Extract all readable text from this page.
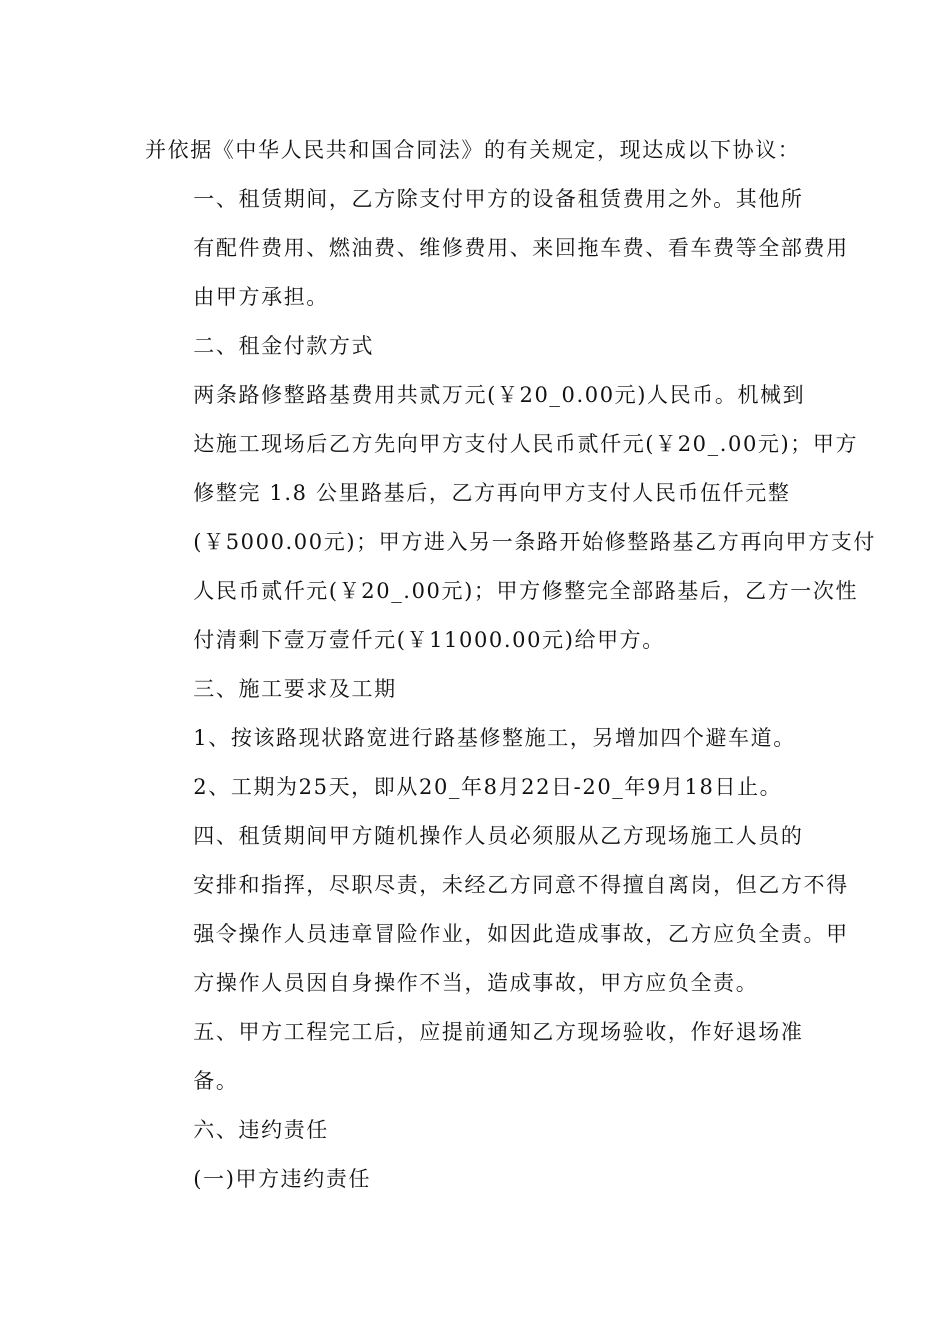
并依据《中华人民共和国合同法》的有关规定，现达成以下协议：

一、租赁期间，乙方除支付甲方的设备租赁费用之外。其他所
有配件费用、燃油费、维修费用、来回拖车费、看车费等全部费用
由甲方承担。

二、租金付款方式

两条路修整路基费用共贰万元(￥20_0.00元)人民币。机械到
达施工现场后乙方先向甲方支付人民币贰仟元(￥20_.00元)；甲方
修整完 1.8 公里路基后，乙方再向甲方支付人民币伍仟元整
(￥5000.00元)；甲方进入另一条路开始修整路基乙方再向甲方支付
人民币贰仟元(￥20_.00元)；甲方修整完全部路基后，乙方一次性
付清剩下壹万壹仟元(￥11000.00元)给甲方。

三、施工要求及工期

1、按该路现状路宽进行路基修整施工，另增加四个避车道。

2、工期为25天，即从20_年8月22日-20_年9月18日止。

四、租赁期间甲方随机操作人员必须服从乙方现场施工人员的
安排和指挥，尽职尽责，未经乙方同意不得擅自离岗，但乙方不得
强令操作人员违章冒险作业，如因此造成事故，乙方应负全责。甲
方操作人员因自身操作不当，造成事故，甲方应负全责。

五、甲方工程完工后，应提前通知乙方现场验收，作好退场准
备。

六、违约责任

(一)甲方违约责任
